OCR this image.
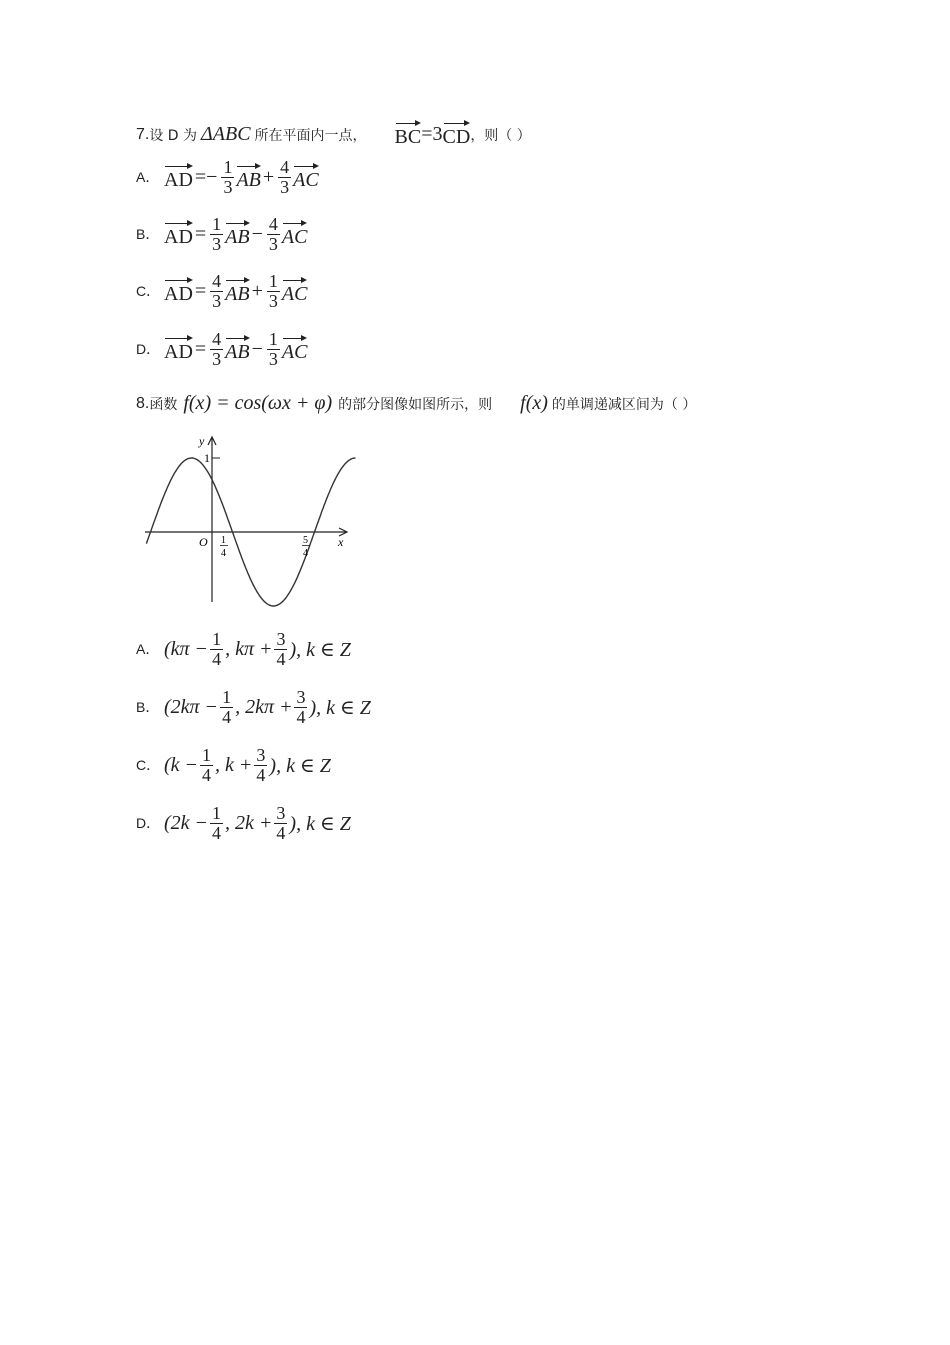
7. 设 D 为 ΔABC 所在平面内一点， BC =3 CD ，则（ ）
A． AD =− $\frac{1}{3}$ AB + $\frac{4}{3}$ AC
B． AD = $\frac{1}{3}$ AB − $\frac{4}{3}$ AC
C． AD = $\frac{4}{3}$ AB + $\frac{1}{3}$ AC
D． AD = $\frac{4}{3}$ AB − $\frac{1}{3}$ AC
8. 函数 f(x) = cos(ωx + φ) 的部分图像如图所示，则 f(x) 的单调递减区间为（ ）
y
x
O
1
1
4
5
4
A． ($k\pi - \frac{1}{4}$ , $k\pi + \frac{3}{4}$ ), k ∈ Z
B． ($2k\pi - \frac{1}{4}$ , $2k\pi + \frac{3}{4}$ ), k ∈ Z
C． ($k - \frac{1}{4}$ , $k + \frac{3}{4}$ ), k ∈ Z
D． ($2k - \frac{1}{4}$ , $2k + \frac{3}{4}$ ), k ∈ Z
